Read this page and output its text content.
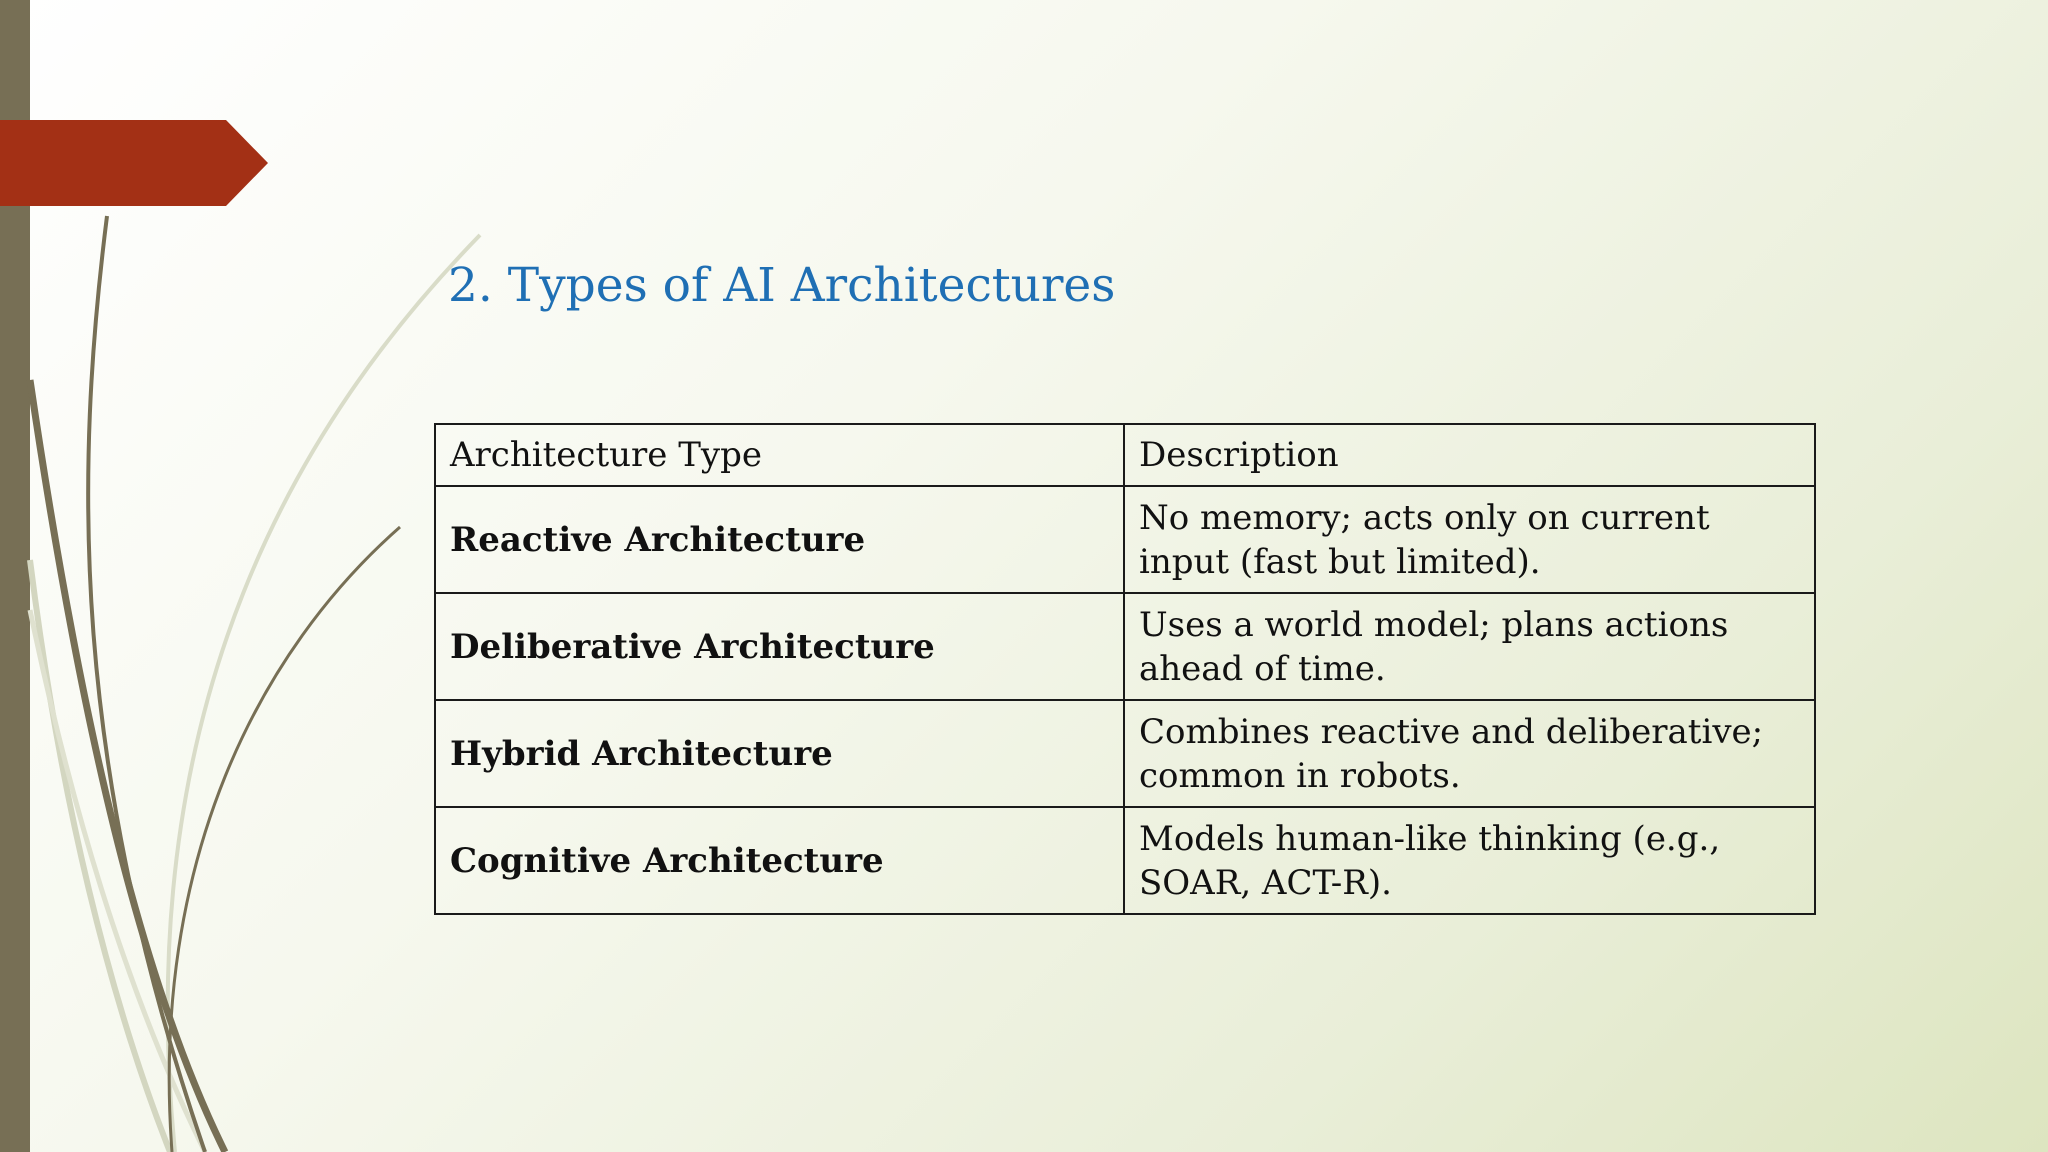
2. Types of AI Architectures
Architecture Type	Description
Reactive Architecture	No memory; acts only on current input (fast but limited).
Deliberative Architecture	Uses a world model; plans actions ahead of time.
Hybrid Architecture	Combines reactive and deliberative; common in robots.
Cognitive Architecture	Models human-like thinking (e.g., SOAR, ACT-R).
